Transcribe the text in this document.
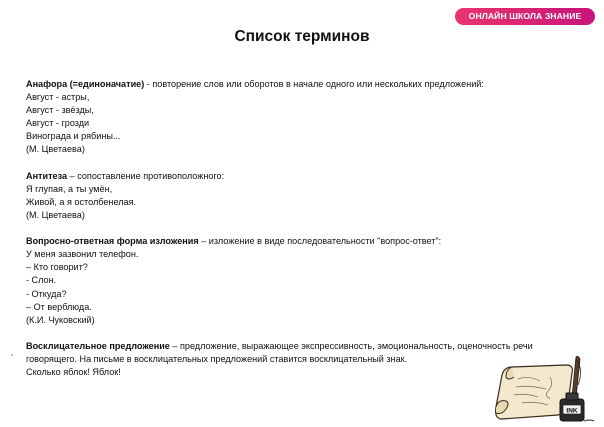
ОНЛАЙН ШКОЛА ЗНАНИЕ
Список терминов
Анафора (=единоначатие) - повторение слов или оборотов в начале одного или нескольких предложений:
Август - астры,
Август - звёзды,
Август - грозди
Винограда и рябины...
(М. Цветаева)
Антитеза – сопоставление противоположного:
Я глупая, а ты умён,
Живой, а я остолбенелая.
(М. Цветаева)
Вопросно-ответная форма изложения – изложение в виде последовательности "вопрос-ответ":
У меня зазвонил телефон.
– Кто говорит?
- Слон.
- Откуда?
– От верблюда.
(К.И. Чуковский)
Восклицательное предложение – предложение, выражающее экспрессивность, эмоциональность, оценочность речи
говорящего. На письме в восклицательных предложений ставится восклицательный знак.
Сколько яблок! Яблок!
INK
